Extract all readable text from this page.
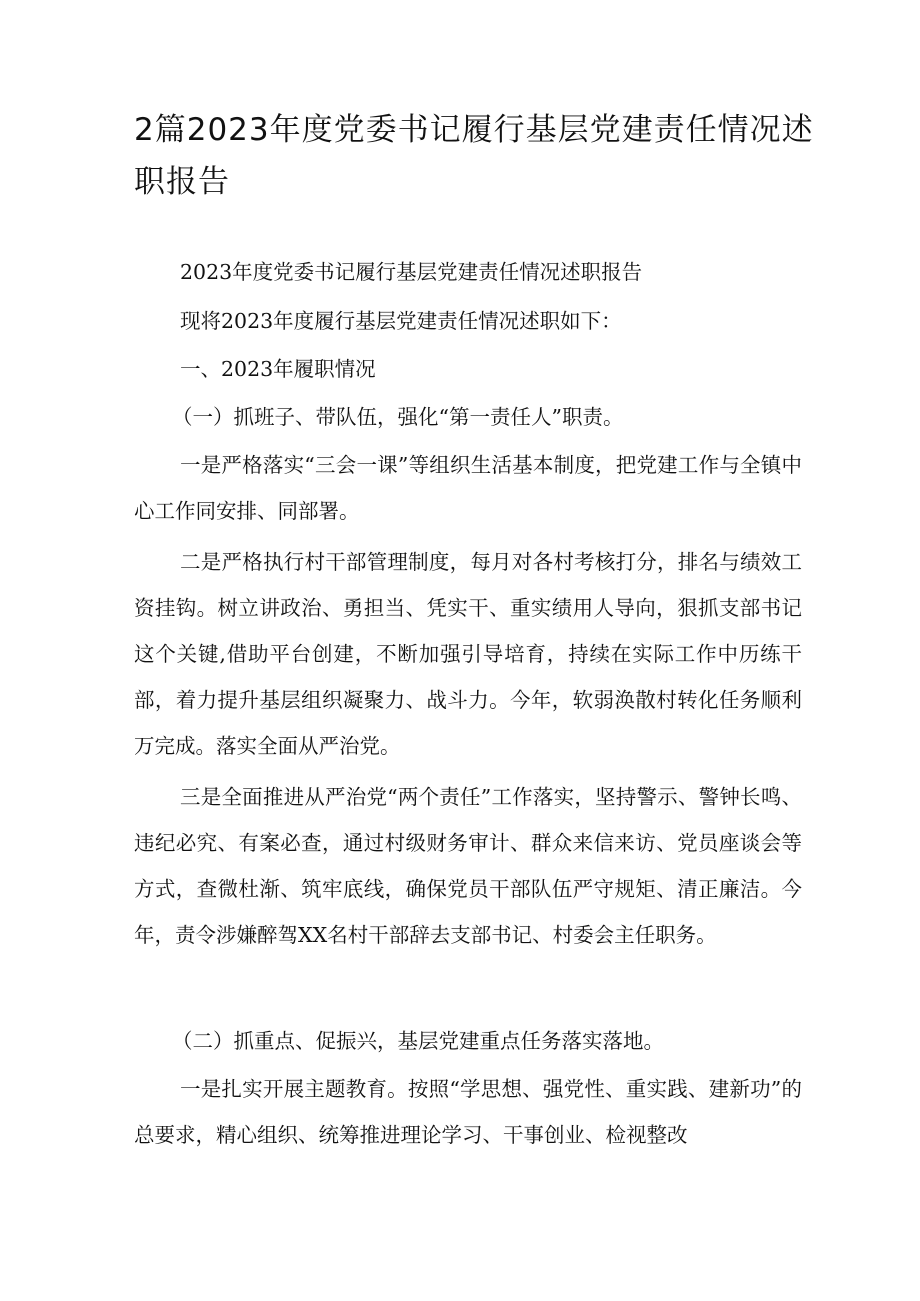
2篇2023年度党委书记履行基层党建责任情况述职报告

2023年度党委书记履行基层党建责任情况述职报告

现将2023年度履行基层党建责任情况述职如下：

一、2023年履职情况

（一）抓班子、带队伍，强化“第一责任人”职责。

一是严格落实“三会一课”等组织生活基本制度，把党建工作与全镇中心工作同安排、同部署。

二是严格执行村干部管理制度，每月对各村考核打分，排名与绩效工资挂钩。树立讲政治、勇担当、凭实干、重实绩用人导向，狠抓支部书记这个关键,借助平台创建，不断加强引导培育，持续在实际工作中历练干部，着力提升基层组织凝聚力、战斗力。今年，软弱涣散村转化任务顺利万完成。落实全面从严治党。

三是全面推进从严治党“两个责任”工作落实，坚持警示、警钟长鸣、违纪必究、有案必查，通过村级财务审计、群众来信来访、党员座谈会等方式，查微杜渐、筑牢底线，确保党员干部队伍严守规矩、清正廉洁。今年，责令涉嫌醉驾XX名村干部辞去支部书记、村委会主任职务。

（二）抓重点、促振兴，基层党建重点任务落实落地。

一是扎实开展主题教育。按照“学思想、强党性、重实践、建新功”的总要求，精心组织、统筹推进理论学习、干事创业、检视整改
